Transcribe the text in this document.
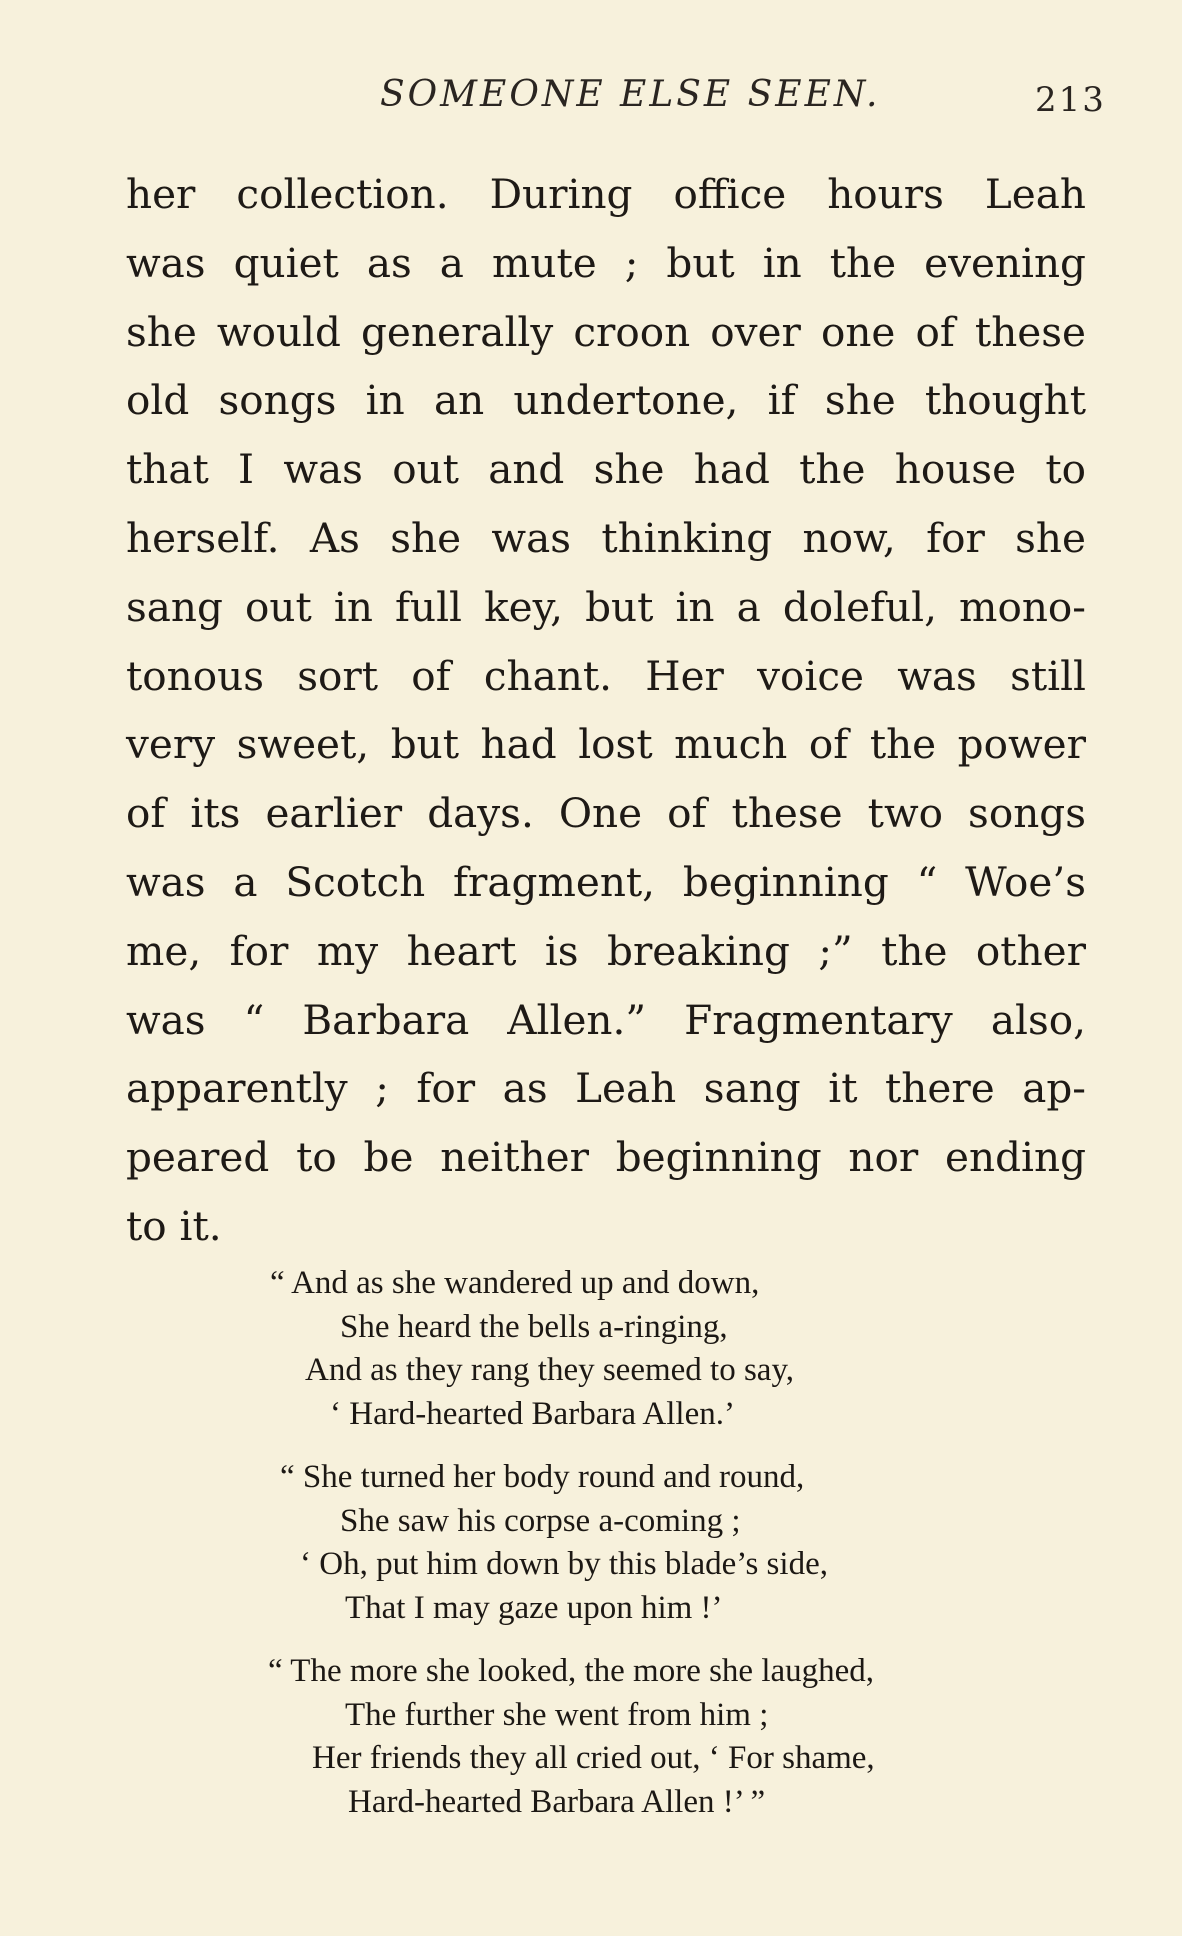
SOMEONE ELSE SEEN.	213
her collection. During office hours Leah
was quiet as a mute ; but in the evening
she would generally croon over one of these
old songs in an undertone, if she thought
that I was out and she had the house to
herself. As she was thinking now, for she
sang out in full key, but in a doleful, mono-
tonous sort of chant. Her voice was still
very sweet, but had lost much of the power
of its earlier days. One of these two songs
was a Scotch fragment, beginning “ Woe’s
me, for my heart is breaking ;” the other
was “ Barbara Allen.” Fragmentary also,
apparently ; for as Leah sang it there ap-
peared to be neither beginning nor ending
to it.
“ And as she wandered up and down,
She heard the bells a-ringing,
And as they rang they seemed to say,
‘ Hard-hearted Barbara Allen.’
“ She turned her body round and round,
She saw his corpse a-coming ;
‘ Oh, put him down by this blade’s side,
That I may gaze upon him !’
“ The more she looked, the more she laughed,
The further she went from him ;
Her friends they all cried out, ‘ For shame,
Hard-hearted Barbara Allen !’ ”
